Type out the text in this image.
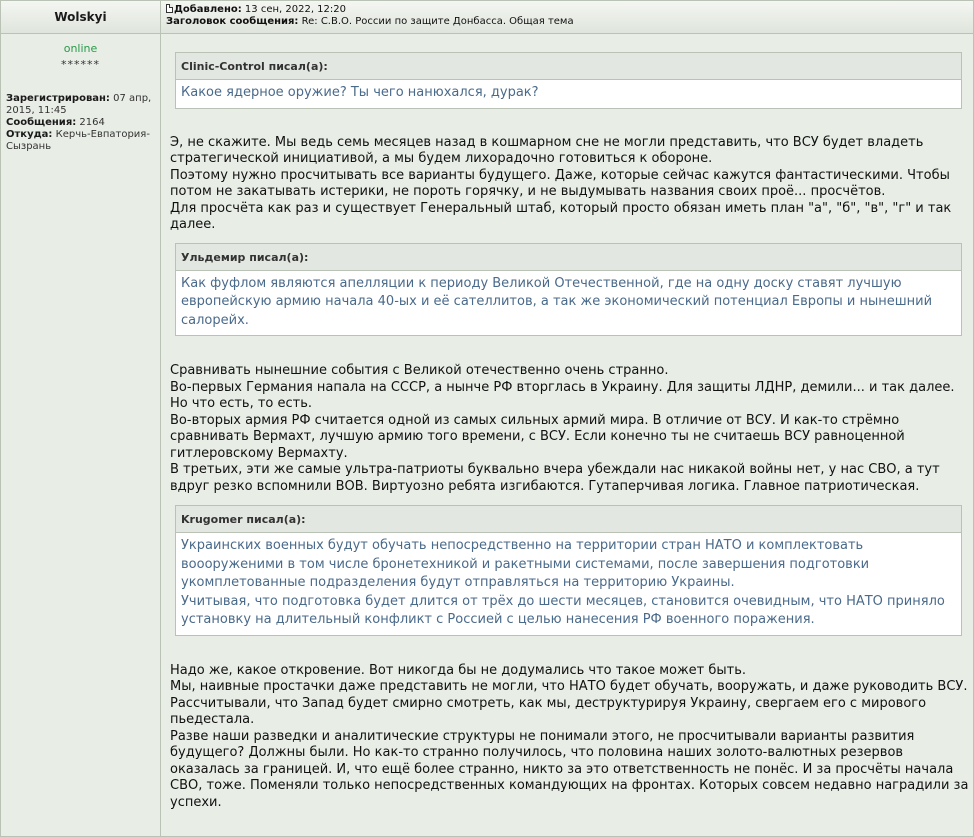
Wolskyi
Добавлено: 13 сен, 2022, 12:20
Заголовок сообщения: Re: С.В.О. России по защите Донбасса. Общая тема
online
******
Зарегистрирован: 07 апр, 2015, 11:45
Сообщения: 2164
Откуда: Керчь-Евпатория-Сызрань
Clinic-Control писал(а):
Какое ядерное оружие? Ты чего нанюхался, дурак?
Э, не скажите. Мы ведь семь месяцев назад в кошмарном сне не могли представить, что ВСУ будет владеть
стратегической инициативой, а мы будем лихорадочно готовиться к обороне.
Поэтому нужно просчитывать все варианты будущего. Даже, которые сейчас кажутся фантастическими. Чтобы
потом не закатывать истерики, не пороть горячку, и не выдумывать названия своих проё... просчётов.
Для просчёта как раз и существует Генеральный штаб, который просто обязан иметь план "а", "б", "в", "г" и так
далее.
Ульдемир писал(а):
Как фуфлом являются апелляции к периоду Великой Отечественной, где на одну доску ставят лучшую
европейскую армию начала 40-ых и её сателлитов, а так же экономический потенциал Европы и нынешний
салорейх.
Сравнивать нынешние события с Великой отечественно очень странно.
Во-первых Германия напала на СССР, а нынче РФ вторглась в Украину. Для защиты ЛДНР, демили... и так далее.
Но что есть, то есть.
Во-вторых армия РФ считается одной из самых сильных армий мира. В отличие от ВСУ. И как-то стрёмно
сравнивать Вермахт, лучшую армию того времени, с ВСУ. Если конечно ты не считаешь ВСУ равноценной
гитлеровскому Вермахту.
В третьих, эти же самые ультра-патриоты буквально вчера убеждали нас никакой войны нет, у нас СВО, а тут
вдруг резко вспомнили ВОВ. Виртуозно ребята изгибаются. Гутаперчивая логика. Главное патриотическая.
Krugomer писал(а):
Украинских военных будут обучать непосредственно на территории стран НАТО и комплектовать
воооруженими в том числе бронетехникой и ракетными системами, после завершения подготовки
укомплетованные подразделения будут отправляться на территорию Украины.
Учитывая, что подготовка будет длится от трёх до шести месяцев, становится очевидным, что НАТО приняло
установку на длительный конфликт с Россией с целью нанесения РФ военного поражения.
Надо же, какое откровение. Вот никогда бы не додумались что такое может быть.
Мы, наивные простачки даже представить не могли, что НАТО будет обучать, вооружать, и даже руководить ВСУ.
Рассчитывали, что Запад будет смирно смотреть, как мы, деструктурируя Украину, свергаем его с мирового
пьедестала.
Разве наши разведки и аналитические структуры не понимали этого, не просчитывали варианты развития
будущего? Должны были. Но как-то странно получилось, что половина наших золото-валютных резервов
оказалась за границей. И, что ещё более странно, никто за это ответственность не понёс. И за просчёты начала
СВО, тоже. Поменяли только непосредственных командующих на фронтах. Которых совсем недавно наградили за
успехи.
